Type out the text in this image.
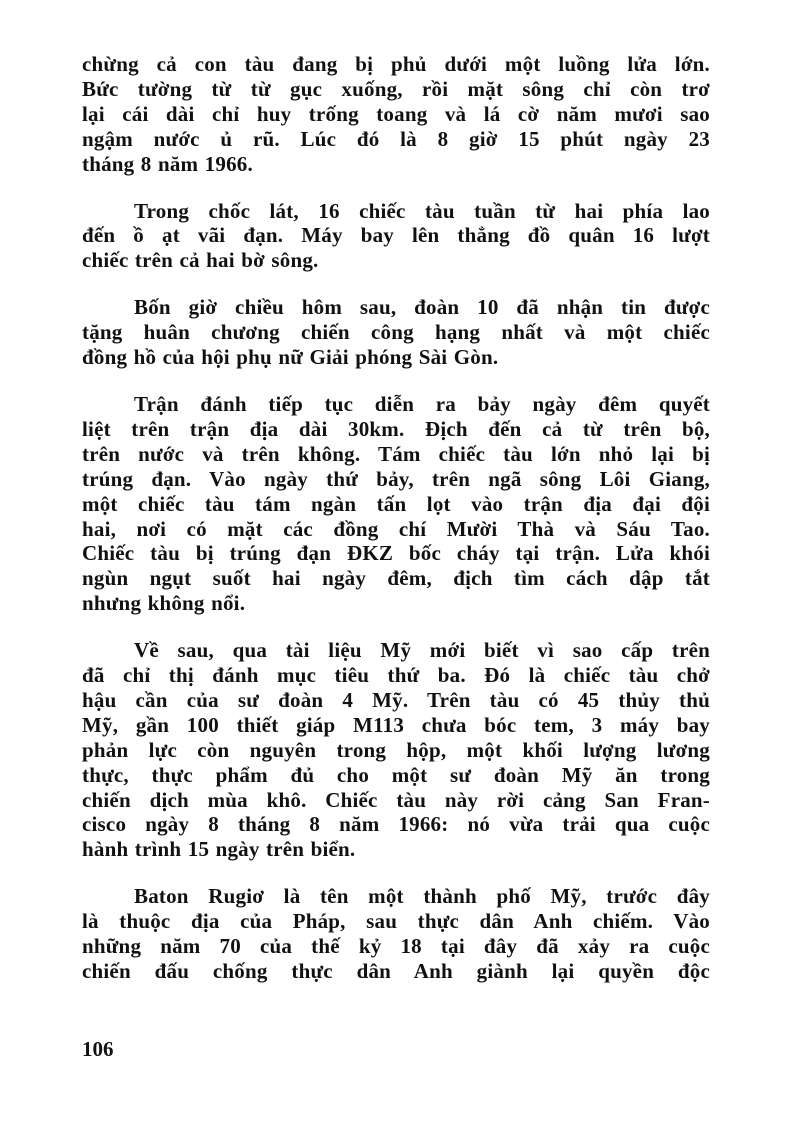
chừng cả con tàu đang bị phủ dưới một luồng lửa lớn.

Bức tường từ từ gục xuống, rồi mặt sông chỉ còn trơ

lại cái dài chỉ huy trống toang và lá cờ năm mươi sao

ngậm nước ủ rũ. Lúc đó là 8 giờ 15 phút ngày 23

tháng 8 năm 1966.

Trong chốc lát, 16 chiếc tàu tuần từ hai phía lao

đến ồ ạt vãi đạn. Máy bay lên thẳng đồ quân 16 lượt

chiếc trên cả hai bờ sông.

Bốn giờ chiều hôm sau, đoàn 10 đã nhận tin được

tặng huân chương chiến công hạng nhất và một chiếc

đồng hồ của hội phụ nữ Giải phóng Sài Gòn.

Trận đánh tiếp tục diễn ra bảy ngày đêm quyết

liệt trên trận địa dài 30km. Địch đến cả từ trên bộ,

trên nước và trên không. Tám chiếc tàu lớn nhỏ lại bị

trúng đạn. Vào ngày thứ bảy, trên ngã sông Lôi Giang,

một chiếc tàu tám ngàn tấn lọt vào trận địa đại đội

hai, nơi có mặt các đồng chí Mười Thà và Sáu Tao.

Chiếc tàu bị trúng đạn ĐKZ bốc cháy tại trận. Lửa khói

ngùn ngụt suốt hai ngày đêm, địch tìm cách dập tắt

nhưng không nổi.

Về sau, qua tài liệu Mỹ mới biết vì sao cấp trên

đã chỉ thị đánh mục tiêu thứ ba. Đó là chiếc tàu chở

hậu cần của sư đoàn 4 Mỹ. Trên tàu có 45 thủy thủ

Mỹ, gần 100 thiết giáp M113 chưa bóc tem, 3 máy bay

phản lực còn nguyên trong hộp, một khối lượng lương

thực, thực phẩm đủ cho một sư đoàn Mỹ ăn trong

chiến dịch mùa khô. Chiếc tàu này rời cảng San Fran-

cisco ngày 8 tháng 8 năm 1966: nó vừa trải qua cuộc

hành trình 15 ngày trên biển.

Baton Rugiơ là tên một thành phố Mỹ, trước đây

là thuộc địa của Pháp, sau thực dân Anh chiếm. Vào

những năm 70 của thế kỷ 18 tại đây đã xảy ra cuộc

chiến đấu chống thực dân Anh giành lại quyền độc

106
